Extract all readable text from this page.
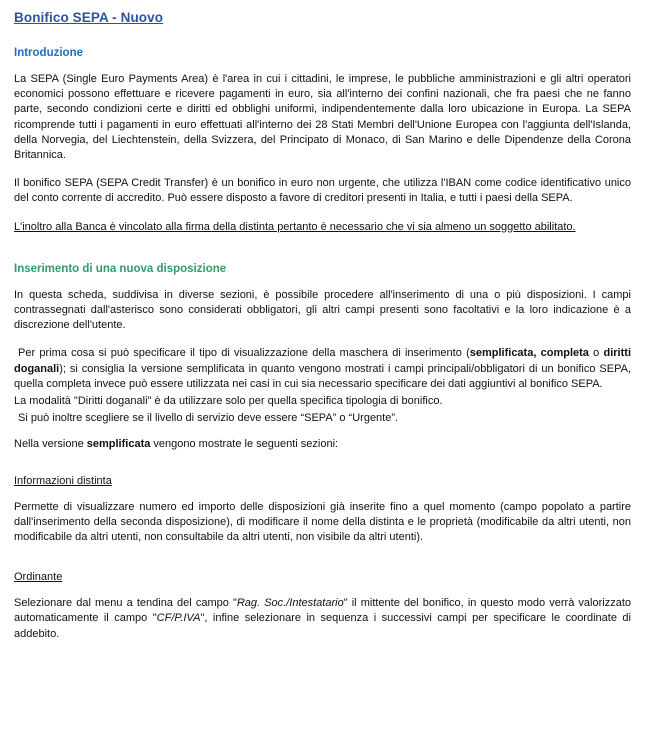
Bonifico SEPA - Nuovo
Introduzione

La SEPA (Single Euro Payments Area) è l'area in cui i cittadini, le imprese, le pubbliche amministrazioni e gli altri operatori economici possono effettuare e ricevere pagamenti in euro, sia all'interno dei confini nazionali, che fra paesi che ne fanno parte, secondo condizioni certe e diritti ed obblighi uniformi, indipendentemente dalla loro ubicazione in Europa. La SEPA ricomprende tutti i pagamenti in euro effettuati all'interno dei 28 Stati Membri dell'Unione Europea con l'aggiunta dell'Islanda, della Norvegia, del Liechtenstein, della Svizzera, del Principato di Monaco, di San Marino e delle Dipendenze della Corona Britannica.

Il bonifico SEPA (SEPA Credit Transfer) è un bonifico in euro non urgente, che utilizza l'IBAN come codice identificativo unico del conto corrente di accredito. Può essere disposto a favore di creditori presenti in Italia, e tutti i paesi della SEPA.

L'inoltro alla Banca è vincolato alla firma della distinta pertanto è necessario che vi sia almeno un soggetto abilitato.

Inserimento di una nuova disposizione

In questa scheda, suddivisa in diverse sezioni, è possibile procedere all'inserimento di una o più disposizioni. I campi contrassegnati dall'asterisco sono considerati obbligatori, gli altri campi presenti sono facoltativi e la loro indicazione è a discrezione dell'utente.

Per prima cosa si può specificare il tipo di visualizzazione della maschera di inserimento (semplificata, completa o diritti doganali); si consiglia la versione semplificata in quanto vengono mostrati i campi principali/obbligatori di un bonifico SEPA, quella completa invece può essere utilizzata nei casi in cui sia necessario specificare dei dati aggiuntivi al bonifico SEPA.

La modalità "Diritti doganali" è da utilizzare solo per quella specifica tipologia di bonifico.
Si può inoltre scegliere se il livello di servizio deve essere “SEPA” o “Urgente”.

Nella versione semplificata vengono mostrate le seguenti sezioni:

Informazioni distinta

Permette di visualizzare numero ed importo delle disposizioni già inserite fino a quel momento (campo popolato a partire dall'inserimento della seconda disposizione), di modificare il nome della distinta e le proprietà (modificabile da altri utenti, non modificabile da altri utenti, non consultabile da altri utenti, non visibile da altri utenti).

Ordinante

Selezionare dal menu a tendina del campo "Rag. Soc./Intestatario" il mittente del bonifico, in questo modo verrà valorizzato automaticamente il campo "CF/P.IVA", infine selezionare in sequenza i successivi campi per specificare le coordinate di addebito.
